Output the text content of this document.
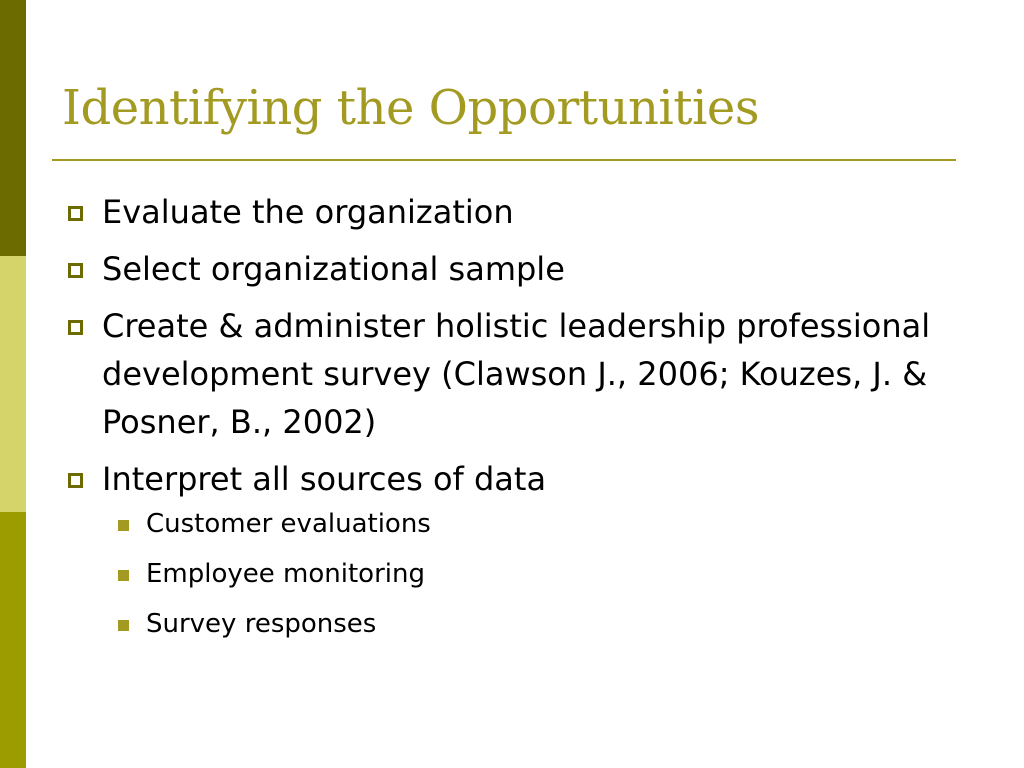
Identifying the Opportunities
Evaluate the organization
Select organizational sample
Create & administer holistic leadership professional development survey (Clawson J., 2006; Kouzes, J. & Posner, B., 2002)
Interpret all sources of data
Customer evaluations
Employee monitoring
Survey responses
